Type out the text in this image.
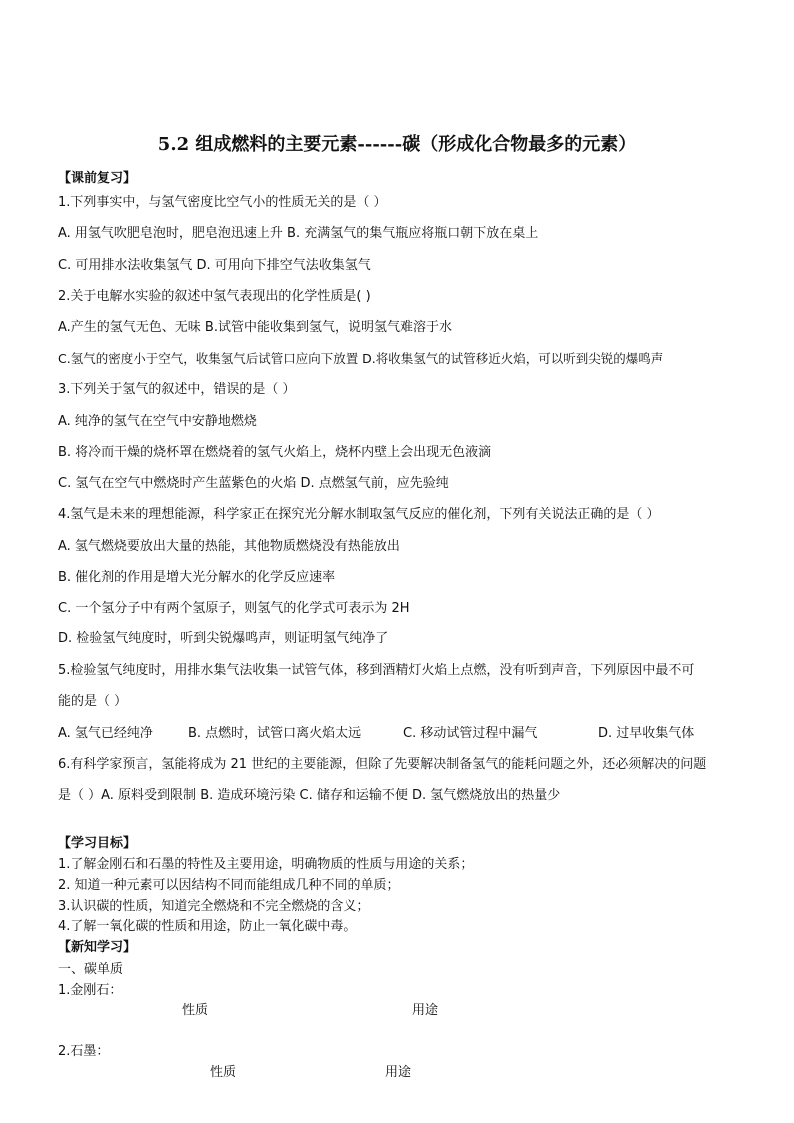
5.2 组成燃料的主要元素------碳（形成化合物最多的元素）
【课前复习】
1.下列事实中，与氢气密度比空气小的性质无关的是（ ）
A. 用氢气吹肥皂泡时，肥皂泡迅速上升 B. 充满氢气的集气瓶应将瓶口朝下放在桌上
C. 可用排水法收集氢气 D. 可用向下排空气法收集氢气
2.关于电解水实验的叙述中氢气表现出的化学性质是( )
A.产生的氢气无色、无味 B.试管中能收集到氢气，说明氢气难溶于水
C.氢气的密度小于空气，收集氢气后试管口应向下放置 D.将收集氢气的试管移近火焰，可以听到尖锐的爆鸣声
3.下列关于氢气的叙述中，错误的是（ ）
A. 纯净的氢气在空气中安静地燃烧
B. 将冷而干燥的烧杯罩在燃烧着的氢气火焰上，烧杯内壁上会出现无色液滴
C. 氢气在空气中燃烧时产生蓝紫色的火焰 D. 点燃氢气前，应先验纯
4.氢气是未来的理想能源，科学家正在探究光分解水制取氢气反应的催化剂，下列有关说法正确的是（ ）
A. 氢气燃烧要放出大量的热能，其他物质燃烧没有热能放出
B. 催化剂的作用是增大光分解水的化学反应速率
C. 一个氢分子中有两个氢原子，则氢气的化学式可表示为 2H
D. 检验氢气纯度时，听到尖锐爆鸣声，则证明氢气纯净了
5.检验氢气纯度时，用排水集气法收集一试管气体，移到酒精灯火焰上点燃，没有听到声音，下列原因中最不可
能的是（ ）
A. 氢气已经纯净	B. 点燃时，试管口离火焰太远	C. 移动试管过程中漏气	D. 过早收集气体
6.有科学家预言，氢能将成为 21 世纪的主要能源，但除了先要解决制备氢气的能耗问题之外，还必须解决的问题
是（ ）A. 原料受到限制 B. 造成环境污染 C. 储存和运输不便 D. 氢气燃烧放出的热量少
【学习目标】
1.了解金刚石和石墨的特性及主要用途，明确物质的性质与用途的关系；
2. 知道一种元素可以因结构不同而能组成几种不同的单质；
3.认识碳的性质，知道完全燃烧和不完全燃烧的含义；
4.了解一氧化碳的性质和用途，防止一氧化碳中毒。
【新知学习】
一、碳单质
1.金刚石：
性质	用途
2.石墨：
性质	用途
